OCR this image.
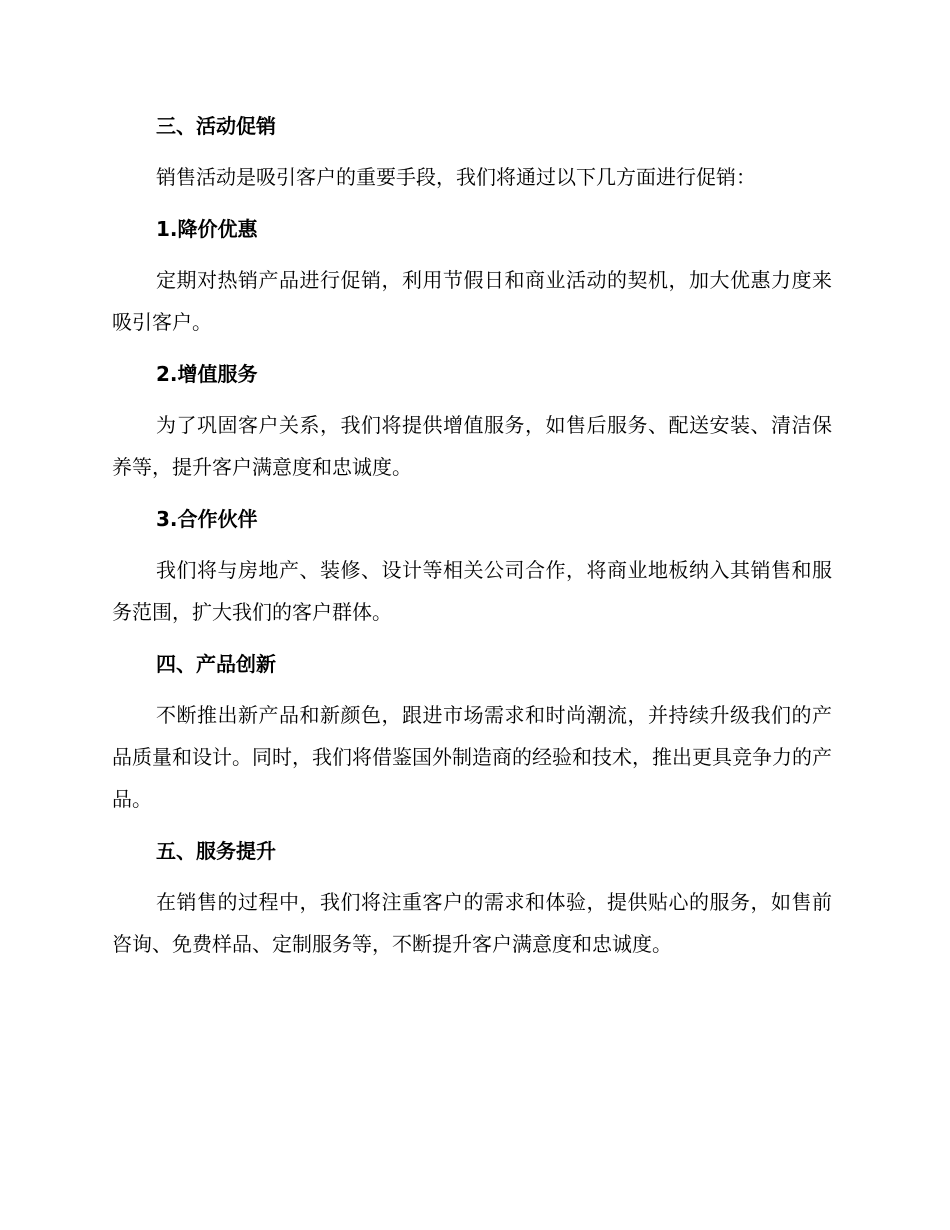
三、活动促销

销售活动是吸引客户的重要手段，我们将通过以下几方面进行促销：

1.降价优惠

定期对热销产品进行促销，利用节假日和商业活动的契机，加大优惠力度来吸引客户。

2.增值服务

为了巩固客户关系，我们将提供增值服务，如售后服务、配送安装、清洁保养等，提升客户满意度和忠诚度。

3.合作伙伴

我们将与房地产、装修、设计等相关公司合作，将商业地板纳入其销售和服务范围，扩大我们的客户群体。

四、产品创新

不断推出新产品和新颜色，跟进市场需求和时尚潮流，并持续升级我们的产品质量和设计。同时，我们将借鉴国外制造商的经验和技术，推出更具竞争力的产品。

五、服务提升

在销售的过程中，我们将注重客户的需求和体验，提供贴心的服务，如售前咨询、免费样品、定制服务等，不断提升客户满意度和忠诚度。
